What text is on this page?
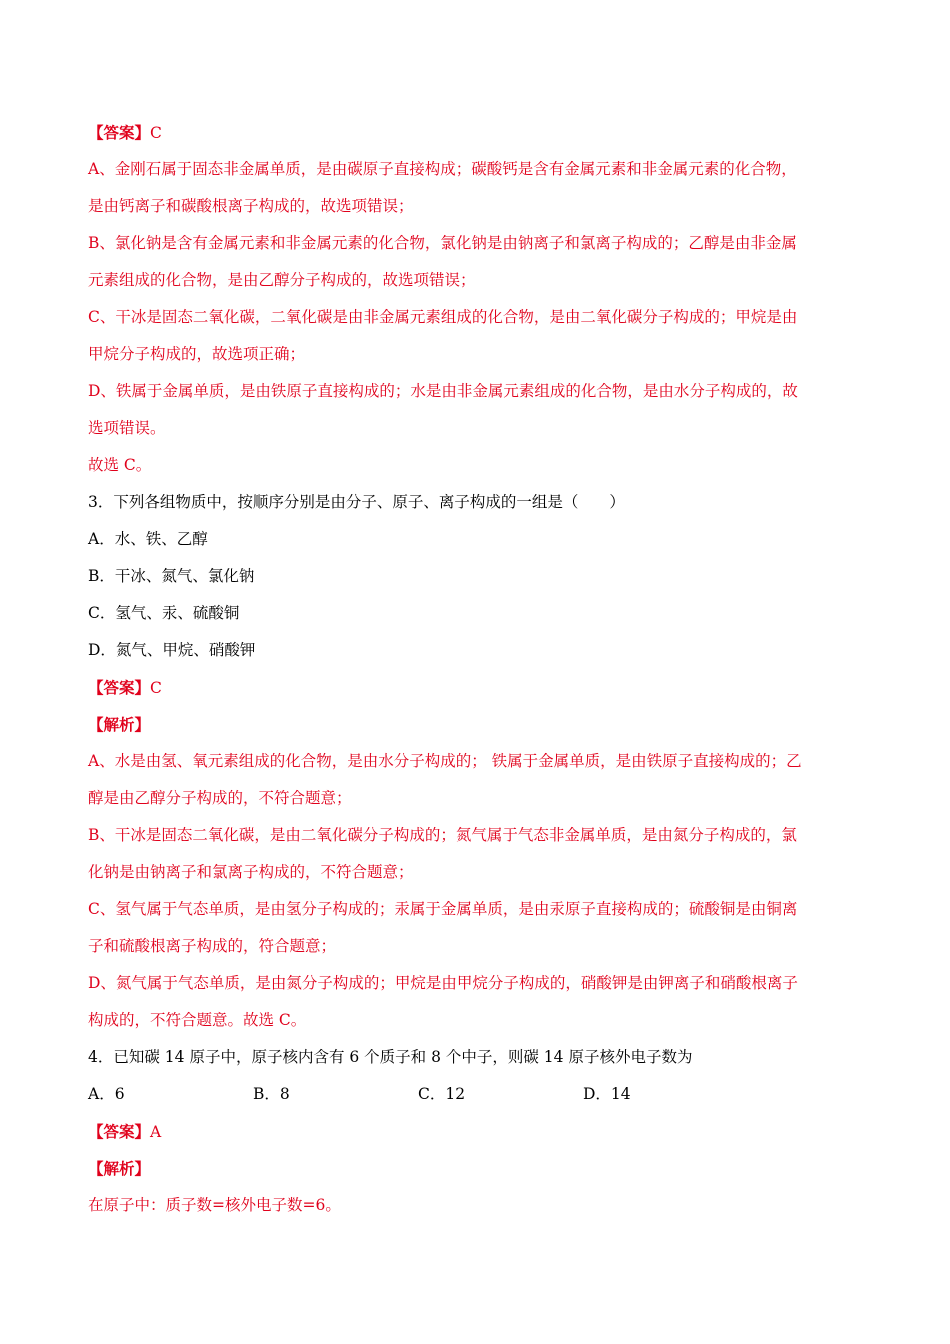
【答案】C
A、金刚石属于固态非金属单质，是由碳原子直接构成；碳酸钙是含有金属元素和非金属元素的化合物，
是由钙离子和碳酸根离子构成的，故选项错误；
B、氯化钠是含有金属元素和非金属元素的化合物，氯化钠是由钠离子和氯离子构成的；乙醇是由非金属
元素组成的化合物，是由乙醇分子构成的，故选项错误；
C、干冰是固态二氧化碳，二氧化碳是由非金属元素组成的化合物，是由二氧化碳分子构成的；甲烷是由
甲烷分子构成的，故选项正确；
D、铁属于金属单质，是由铁原子直接构成的；水是由非金属元素组成的化合物，是由水分子构成的，故
选项错误。
故选 C。
3．下列各组物质中，按顺序分别是由分子、原子、离子构成的一组是（　　）
A．水、铁、乙醇
B．干冰、氮气、氯化钠
C．氢气、汞、硫酸铜
D．氮气、甲烷、硝酸钾
【答案】C
【解析】
A、水是由氢、氧元素组成的化合物，是由水分子构成的； 铁属于金属单质，是由铁原子直接构成的；乙
醇是由乙醇分子构成的，不符合题意；
B、干冰是固态二氧化碳，是由二氧化碳分子构成的；氮气属于气态非金属单质，是由氮分子构成的，氯
化钠是由钠离子和氯离子构成的，不符合题意；
C、氢气属于气态单质，是由氢分子构成的；汞属于金属单质，是由汞原子直接构成的；硫酸铜是由铜离
子和硫酸根离子构成的，符合题意；
D、氮气属于气态单质，是由氮分子构成的；甲烷是由甲烷分子构成的，硝酸钾是由钾离子和硝酸根离子
构成的，不符合题意。故选 C。
4．已知碳 14 原子中，原子核内含有 6 个质子和 8 个中子，则碳 14 原子核外电子数为
A．6	B．8	C．12	D．14
【答案】A
【解析】
在原子中：质子数=核外电子数=6。
